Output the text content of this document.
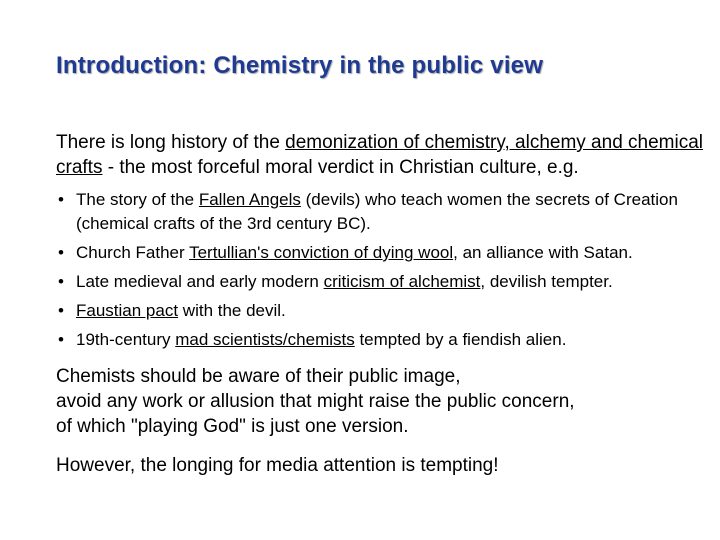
Introduction: Chemistry in the public view

There is long history of the demonization of chemistry, alchemy and chemical crafts - the most forceful moral verdict in Christian culture, e.g.

• The story of the Fallen Angels (devils) who teach women the secrets of Creation (chemical crafts of the 3rd century BC).
• Church Father Tertullian's conviction of dying wool, an alliance with Satan.
• Late medieval and early modern criticism of alchemist, devilish tempter.
• Faustian pact with the devil.
• 19th-century mad scientists/chemists tempted by a fiendish alien.
Chemists should be aware of their public image,
avoid any work or allusion that might raise the public concern,
of which "playing God" is just one version.
However, the longing for media attention is tempting!
